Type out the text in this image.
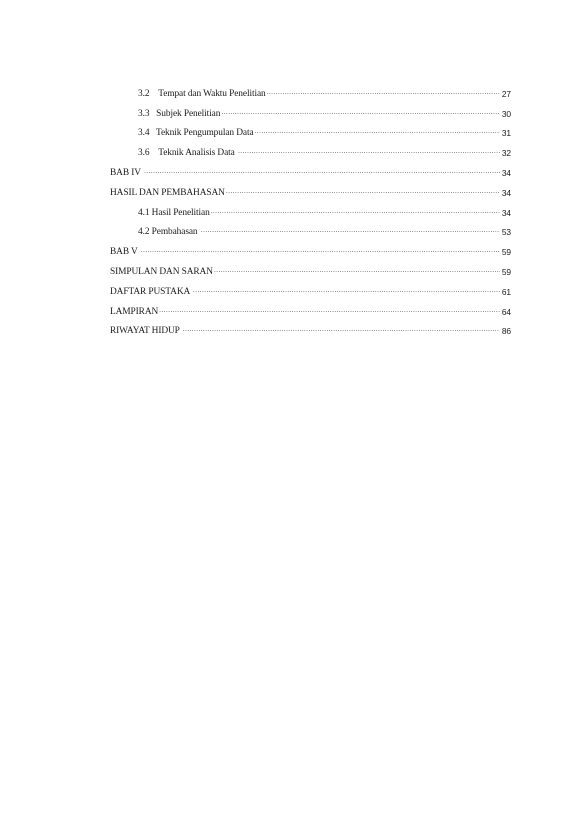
3.2    Tempat dan Waktu Penelitian .....	27
3.3   Subjek Penelitian .....	30
3.4   Teknik Pengumpulan Data .....	31
3.6    Teknik Analisis Data .....	32
BAB IV .....	34
HASIL DAN PEMBAHASAN .....	34
4.1 Hasil Penelitian .....	34
4.2 Pembahasan .....	53
BAB V .....	59
SIMPULAN DAN SARAN .....	59
DAFTAR PUSTAKA .....	61
LAMPIRAN .....	64
RIWAYAT HIDUP .....	86
